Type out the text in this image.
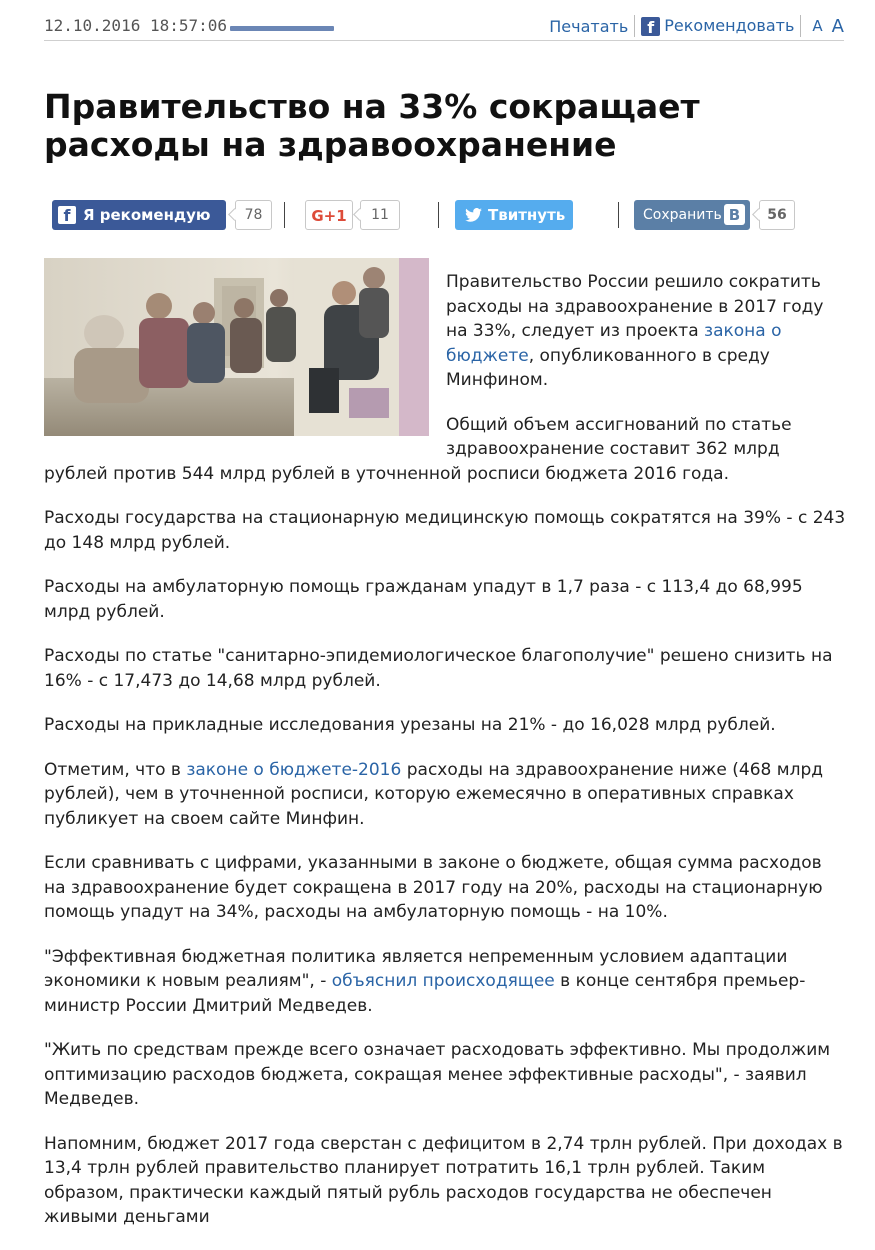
12.10.2016 18:57:06	Печатать	f Рекомендовать A A
Правительство на 33% сокращает расходы на здравоохранение
f Я рекомендую	78	G+1	11	Твитнуть	Сохранить B	56

Правительство России решило сократить расходы на здравоохранение в 2017 году на 33%, следует из проекта закона о бюджете, опубликованного в среду Минфином.

Общий объем ассигнований по статье здравоохранение составит 362 млрд
рублей против 544 млрд рублей в уточненной росписи бюджета 2016 года.

Расходы государства на стационарную медицинскую помощь сократятся на 39% - с 243 до 148 млрд рублей.

Расходы на амбулаторную помощь гражданам упадут в 1,7 раза - с 113,4 до 68,995 млрд рублей.

Расходы по статье "санитарно-эпидемиологическое благополучие" решено снизить на 16% - с 17,473 до 14,68 млрд рублей.

Расходы на прикладные исследования урезаны на 21% - до 16,028 млрд рублей.

Отметим, что в законе о бюджете-2016 расходы на здравоохранение ниже (468 млрд рублей), чем в уточненной росписи, которую ежемесячно в оперативных справках публикует на своем сайте Минфин.

Если сравнивать с цифрами, указанными в законе о бюджете, общая сумма расходов на здравоохранение будет сокращена в 2017 году на 20%, расходы на стационарную помощь упадут на 34%, расходы на амбулаторную помощь - на 10%.

"Эффективная бюджетная политика является непременным условием адаптации экономики к новым реалиям", - объяснил происходящее в конце сентября премьер-министр России Дмитрий Медведев.

"Жить по средствам прежде всего означает расходовать эффективно. Мы продолжим оптимизацию расходов бюджета, сокращая менее эффективные расходы", - заявил Медведев.

Напомним, бюджет 2017 года сверстан с дефицитом в 2,74 трлн рублей. При доходах в 13,4 трлн рублей правительство планирует потратить 16,1 трлн рублей. Таким образом, практически каждый пятый рубль расходов государства не обеспечен живыми деньгами
